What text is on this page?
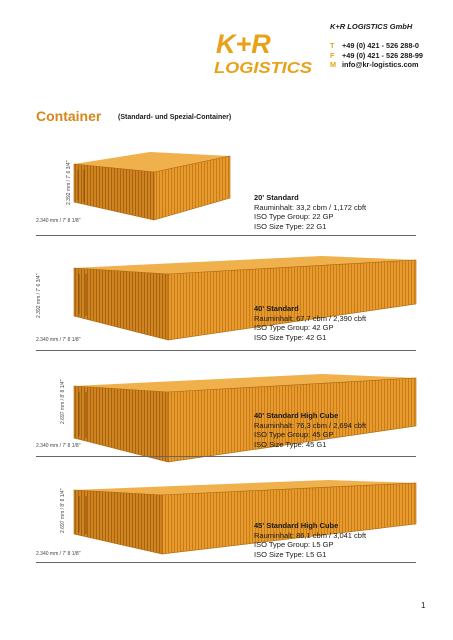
K+R
LOGISTICS
K+R LOGISTICS GmbH
T +49 (0) 421 - 526 288-0
F +49 (0) 421 - 526 288-99
M info@kr-logistics.com
Container (Standard- und Spezial-Container)
2.392 mm / 7' 6 3/4''
2.340 mm / 7' 8 1/8''
20' Standard
Rauminhalt: 33,2 cbm / 1,172 cbft
ISO Type Group: 22 GP
ISO Size Type: 22 G1
2.392 mm / 7' 6 3/4''
2.340 mm / 7' 8 1/8''
40' Standard
Rauminhalt: 67,7 cbm / 2,390 cbft
ISO Type Group: 42 GP
ISO Size Type: 42 G1
2.697 mm / 8' 8 1/4''
2.340 mm / 7' 8 1/8''
40' Standard High Cube
Rauminhalt: 76,3 cbm / 2,694 cbft
ISO Type Group: 45 GP
ISO Size Type: 45 G1
2.697 mm / 8' 8 1/4''
2.340 mm / 7' 8 1/8''
45' Standard High Cube
Rauminhalt: 86,1 cbm / 3,041 cbft
ISO Type Group: L5 GP
ISO Size Type: L5 G1
1
